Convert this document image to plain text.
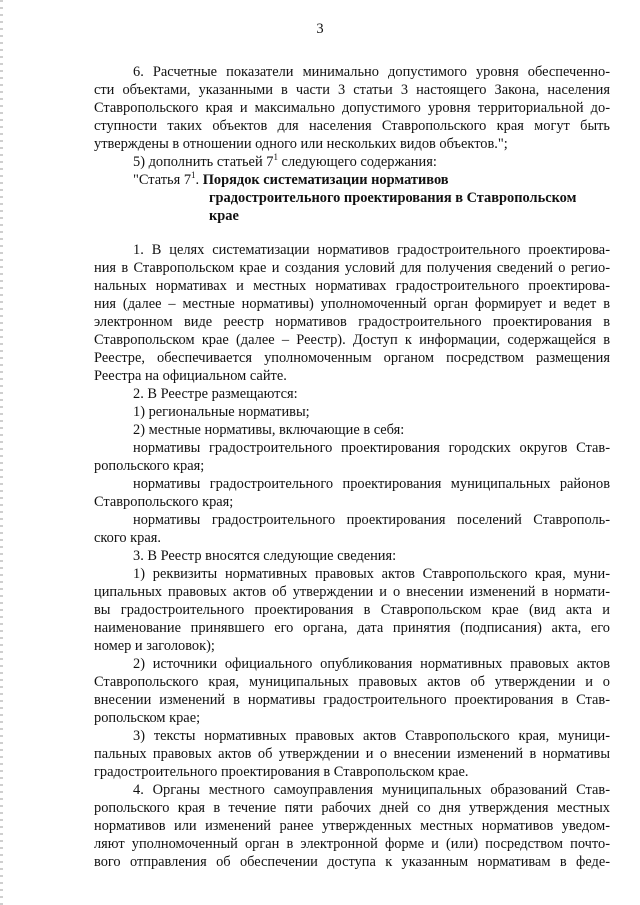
3
6. Расчетные показатели минимально допустимого уровня обеспеченно-
сти объектами, указанными в части 3 статьи 3 настоящего Закона, населения
Ставропольского края и максимально допустимого уровня территориальной до-
ступности таких объектов для населения Ставропольского края могут быть
утверждены в отношении одного или нескольких видов объектов.";
5) дополнить статьей $7^1$ следующего содержания:
"Статья $7^1$. Порядок систематизации нормативов
градостроительного проектирования в Ставропольском
крае
1. В целях систематизации нормативов градостроительного проектирова-
ния в Ставропольском крае и создания условий для получения сведений о регио-
нальных нормативах и местных нормативах градостроительного проектирова-
ния (далее – местные нормативы) уполномоченный орган формирует и ведет в
электронном виде реестр нормативов градостроительного проектирования в
Ставропольском крае (далее – Реестр). Доступ к информации, содержащейся в
Реестре, обеспечивается уполномоченным органом посредством размещения
Реестра на официальном сайте.
2. В Реестре размещаются:
1) региональные нормативы;
2) местные нормативы, включающие в себя:
нормативы градостроительного проектирования городских округов Став-
ропольского края;
нормативы градостроительного проектирования муниципальных районов
Ставропольского края;
нормативы градостроительного проектирования поселений Ставрополь-
ского края.
3. В Реестр вносятся следующие сведения:
1) реквизиты нормативных правовых актов Ставропольского края, муни-
ципальных правовых актов об утверждении и о внесении изменений в нормати-
вы градостроительного проектирования в Ставропольском крае (вид акта и
наименование принявшего его органа, дата принятия (подписания) акта, его
номер и заголовок);
2) источники официального опубликования нормативных правовых актов
Ставропольского края, муниципальных правовых актов об утверждении и о
внесении изменений в нормативы градостроительного проектирования в Став-
ропольском крае;
3) тексты нормативных правовых актов Ставропольского края, муници-
пальных правовых актов об утверждении и о внесении изменений в нормативы
градостроительного проектирования в Ставропольском крае.
4. Органы местного самоуправления муниципальных образований Став-
ропольского края в течение пяти рабочих дней со дня утверждения местных
нормативов или изменений ранее утвержденных местных нормативов уведом-
ляют уполномоченный орган в электронной форме и (или) посредством почто-
вого отправления об обеспечении доступа к указанным нормативам в феде-
